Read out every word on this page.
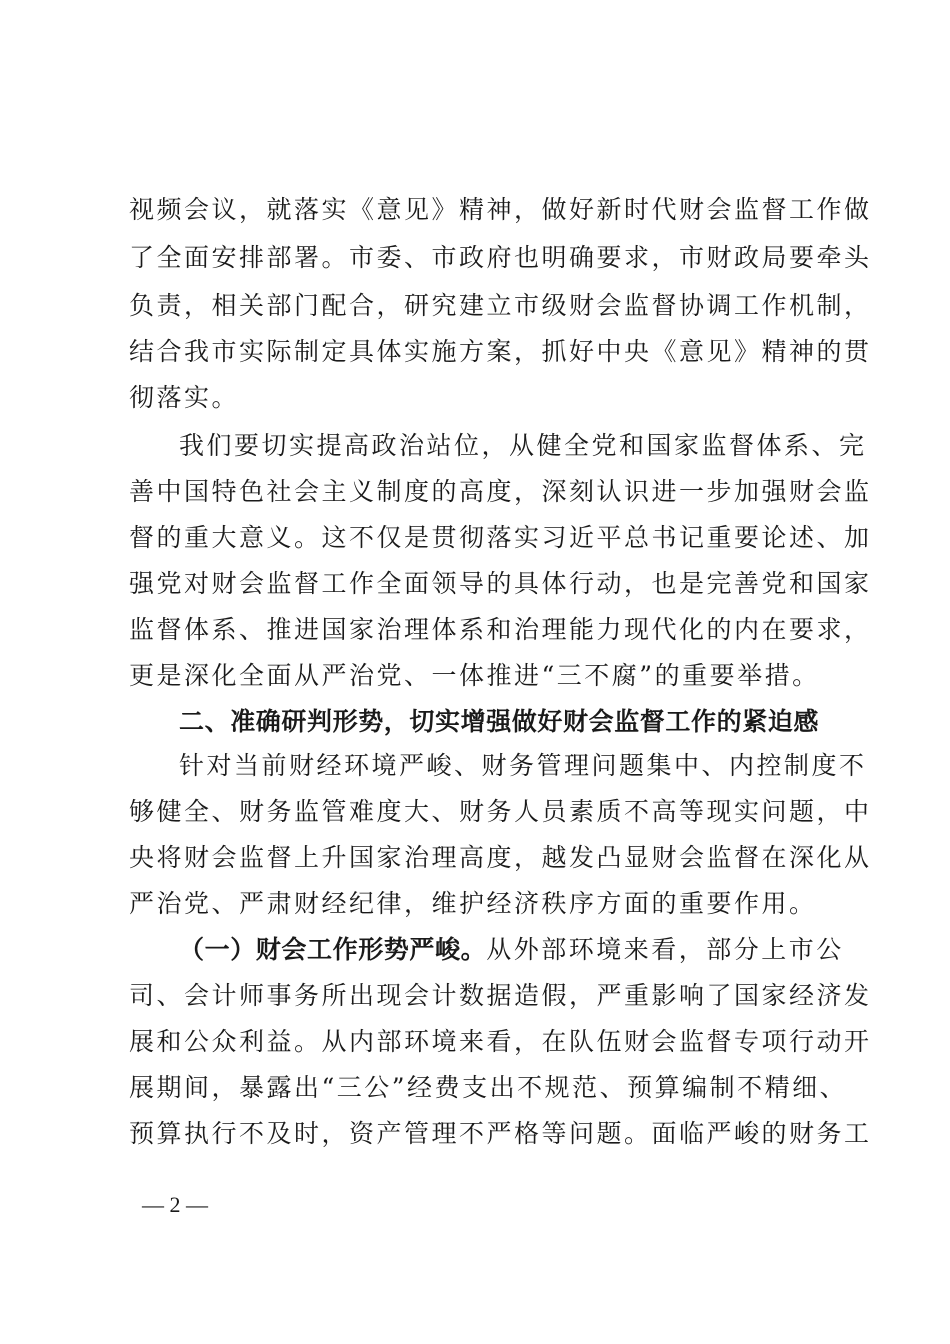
视频会议，就落实《意见》精神，做好新时代财会监督工作做
了全面安排部署。市委、市政府也明确要求，市财政局要牵头
负责，相关部门配合，研究建立市级财会监督协调工作机制，
结合我市实际制定具体实施方案，抓好中央《意见》精神的贯
彻落实。
我们要切实提高政治站位，从健全党和国家监督体系、完
善中国特色社会主义制度的高度，深刻认识进一步加强财会监
督的重大意义。这不仅是贯彻落实习近平总书记重要论述、加
强党对财会监督工作全面领导的具体行动，也是完善党和国家
监督体系、推进国家治理体系和治理能力现代化的内在要求，
更是深化全面从严治党、一体推进“三不腐”的重要举措。
二、准确研判形势，切实增强做好财会监督工作的紧迫感
针对当前财经环境严峻、财务管理问题集中、内控制度不
够健全、财务监管难度大、财务人员素质不高等现实问题，中
央将财会监督上升国家治理高度，越发凸显财会监督在深化从
严治党、严肃财经纪律，维护经济秩序方面的重要作用。
（一）财会工作形势严峻。从外部环境来看，部分上市公
司、会计师事务所出现会计数据造假，严重影响了国家经济发
展和公众利益。从内部环境来看，在队伍财会监督专项行动开
展期间，暴露出“三公”经费支出不规范、预算编制不精细、
预算执行不及时，资产管理不严格等问题。面临严峻的财务工
— 2 —
